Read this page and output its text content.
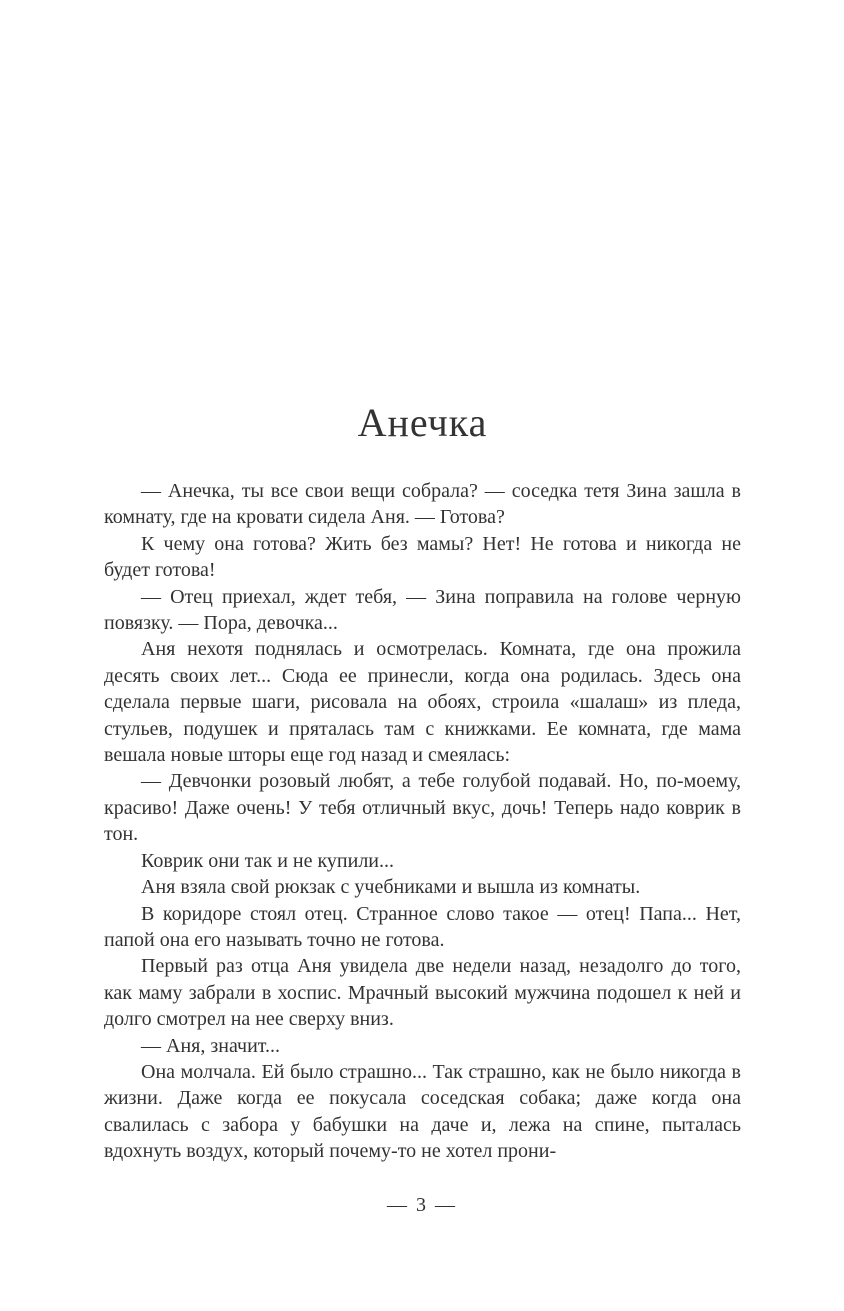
Анечка

— Анечка, ты все свои вещи собрала? — соседка тетя Зина зашла в комнату, где на кровати сидела Аня. — Готова?

К чему она готова? Жить без мамы? Нет! Не готова и никогда не будет готова!

— Отец приехал, ждет тебя, — Зина поправила на голове черную повязку. — Пора, девочка...

Аня нехотя поднялась и осмотрелась. Комната, где она прожила десять своих лет... Сюда ее принесли, когда она родилась. Здесь она сделала первые шаги, рисовала на обоях, строила «шалаш» из пледа, стульев, подушек и пряталась там с книжками. Ее комната, где мама вешала новые шторы еще год назад и смеялась:

— Девчонки розовый любят, а тебе голубой подавай. Но, по-моему, красиво! Даже очень! У тебя отличный вкус, дочь! Теперь надо коврик в тон.

Коврик они так и не купили...

Аня взяла свой рюкзак с учебниками и вышла из комнаты.

В коридоре стоял отец. Странное слово такое — отец! Папа... Нет, папой она его называть точно не готова.

Первый раз отца Аня увидела две недели назад, незадолго до того, как маму забрали в хоспис. Мрачный высокий мужчина подошел к ней и долго смотрел на нее сверху вниз.

— Аня, значит...

Она молчала. Ей было страшно... Так страшно, как не было никогда в жизни. Даже когда ее покусала соседская собака; даже когда она свалилась с забора у бабушки на даче и, лежа на спине, пыталась вдохнуть воздух, который почему-то не хотел прони-

— 3 —
